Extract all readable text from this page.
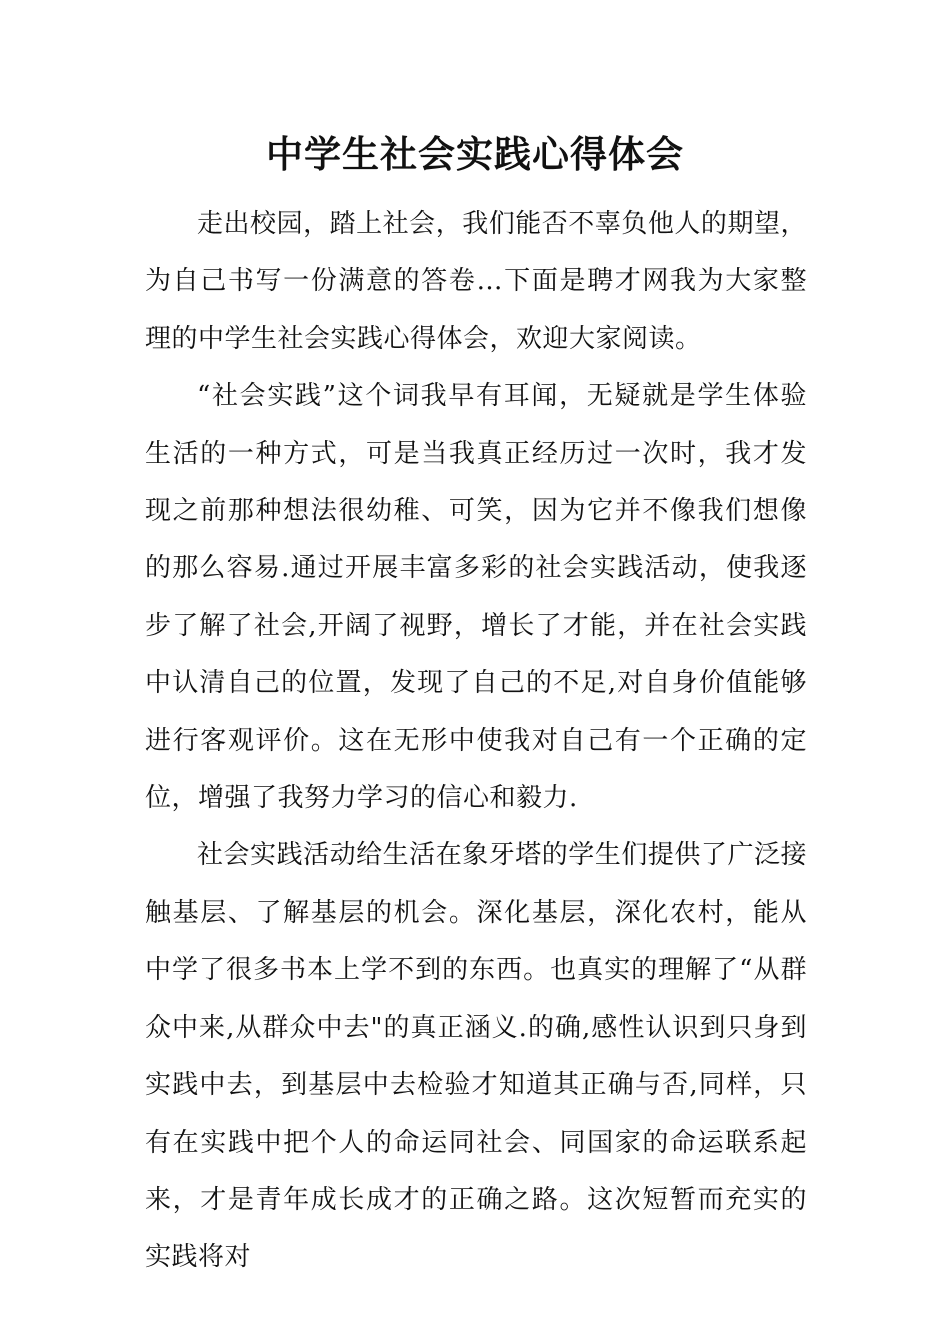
中学生社会实践心得体会

走出校园，踏上社会，我们能否不辜负他人的期望，为自己书写一份满意的答卷…下面是聘才网我为大家整理的中学生社会实践心得体会，欢迎大家阅读。

“社会实践”这个词我早有耳闻，无疑就是学生体验生活的一种方式，可是当我真正经历过一次时，我才发现之前那种想法很幼稚、可笑，因为它并不像我们想像的那么容易.通过开展丰富多彩的社会实践活动，使我逐步了解了社会,开阔了视野，增长了才能，并在社会实践中认清自己的位置，发现了自己的不足,对自身价值能够进行客观评价。这在无形中使我对自己有一个正确的定位，增强了我努力学习的信心和毅力.

社会实践活动给生活在象牙塔的学生们提供了广泛接触基层、了解基层的机会。深化基层，深化农村，能从中学了很多书本上学不到的东西。也真实的理解了“从群众中来,从群众中去"的真正涵义.的确,感性认识到只身到实践中去，到基层中去检验才知道其正确与否,同样，只有在实践中把个人的命运同社会、同国家的命运联系起来，才是青年成长成才的正确之路。这次短暂而充实的实践将对
